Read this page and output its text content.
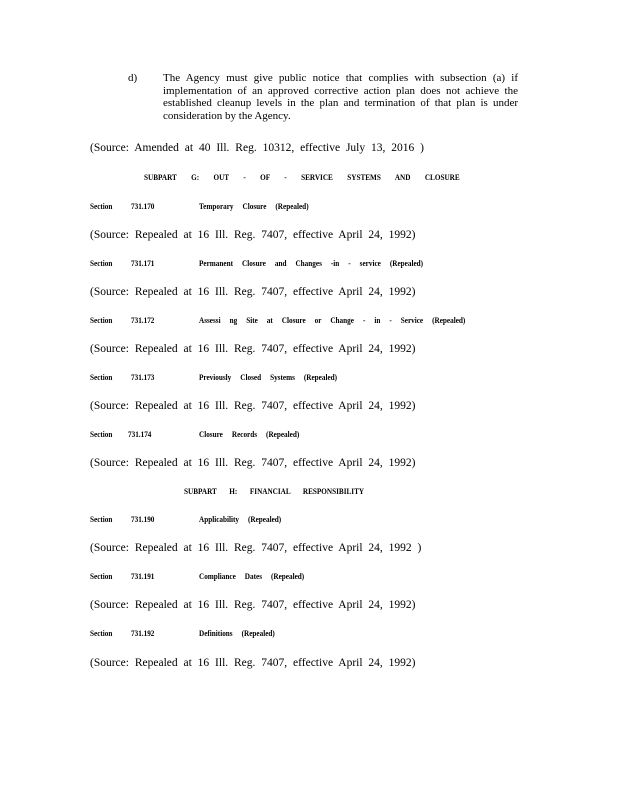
d) The Agency must give public notice that complies with subsection (a) if implementation of an approved corrective action plan does not achieve the established cleanup levels in the plan and termination of that plan is under consideration by the Agency.
(Source: Amended at 40 Ill. Reg. 10312, effective July 13, 2016 )
SUBPART G: OUT - OF - SERVICE SYSTEMS AND CLOSURE
Section 731.170	Temporary Closure (Repealed)
(Source: Repealed at 16 Ill. Reg. 7407, effective April 24, 1992)
Section 731.171	Permanent Closure and Changes -in - service (Repealed)
(Source: Repealed at 16 Ill. Reg. 7407, effective April 24, 1992)
Section 731.172	Assessi ng Site at Closure or Change - in - Service (Repealed)
(Source: Repealed at 16 Ill. Reg. 7407, effective April 24, 1992)
Section 731.173	Previously Closed Systems (Repealed)
(Source: Repealed at 16 Ill. Reg. 7407, effective April 24, 1992)
Section 731.174	Closure Records (Repealed)
(Source: Repealed at 16 Ill. Reg. 7407, effective April 24, 1992)
SUBPART H: FINANCIAL RESPONSIBILITY
Section 731.190	Applicability (Repealed)
(Source: Repealed at 16 Ill. Reg. 7407, effective April 24, 1992 )
Section 731.191	Compliance Dates (Repealed)
(Source: Repealed at 16 Ill. Reg. 7407, effective April 24, 1992)
Section 731.192	Definitions (Repealed)
(Source: Repealed at 16 Ill. Reg. 7407, effective April 24, 1992)
